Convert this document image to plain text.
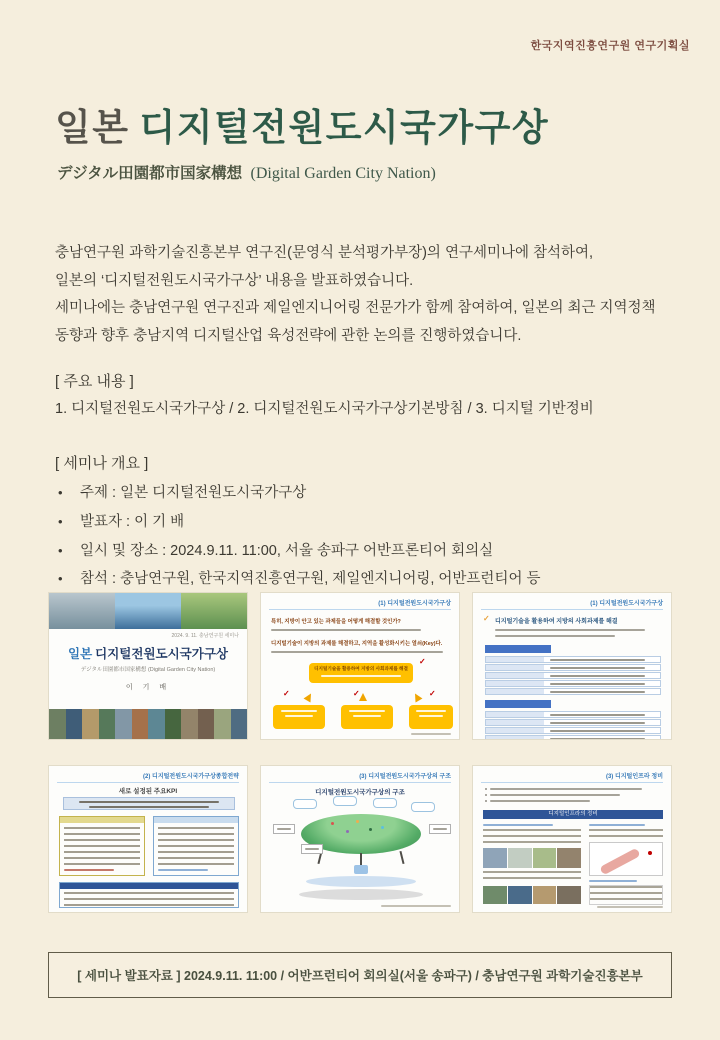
한국지역진흥연구원 연구기획실
일본 디지털전원도시국가구상
デジタル田園都市国家構想 (Digital Garden City Nation)
충남연구원 과학기술진흥본부 연구진(문영식 분석평가부장)의 연구세미나에 참석하여,
일본의 ‘디지털전원도시국가구상’ 내용을 발표하였습니다.
세미나에는 충남연구원 연구진과 제일엔지니어링 전문가가 함께 참여하여, 일본의 최근 지역정책
동향과 향후 충남지역 디지털산업 육성전략에 관한 논의를 진행하였습니다.
[ 주요 내용 ]
1. 디지털전원도시국가구상 / 2. 디지털전원도시국가구상기본방침 / 3. 디지털 기반정비
[ 세미나 개요 ]
• 주제 : 일본 디지털전원도시국가구상
• 발표자 : 이 기 배
• 일시 및 장소 : 2024.9.11. 11:00, 서울 송파구 어반프론티어 회의실
• 참석 : 충남연구원, 한국지역진흥연구원, 제일엔지니어링, 어반프런티어 등
2024. 9. 11. 충남연구원 세미나
일본 디지털전원도시국가구상
デジタル田園都市国家構想 (Digital Garden City Nation)
이 기 배
(1) 디지털전원도시국가구상
특히, 지방이 안고 있는 과제들을 어떻게 해결할 것인가?
디지털기술이 지방의 과제를 해결하고, 지역을 활성화시키는 열쇠(Key)다.
디지털기술을 활용하여 지방의 사회과제를 해결
✓
✓	✓	✓
(1) 디지털전원도시국가구상
✓ 디지털기술을 활용하여 지방의 사회과제를 해결
(2) 디지털전원도시국가구상종합전략
새로 설정된 주요KPI
(3) 디지털전원도시국가구상의 구조
디지털전원도시국가구상의 구조
(3) 디지털인프라 정비
디지털인프라의 정비
[ 세미나 발표자료 ] 2024.9.11. 11:00 / 어반프런티어 회의실(서울 송파구) / 충남연구원 과학기술진흥본부
